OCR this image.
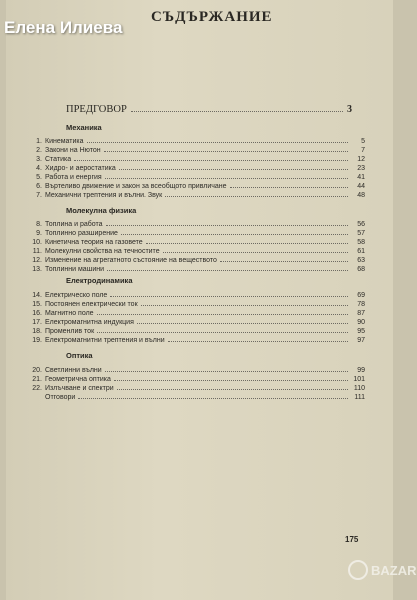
Елена Илиева
СЪДЪРЖАНИЕ
ПРЕДГОВОР	3
Механика
1. Кинематика	5
2. Закони на Нютон	7
3. Статика	12
4. Хидро- и аеростатика	23
5. Работа и енергия	41
6. Въртеливо движение и закон за всеобщото привличане	44
7. Механични трептения и вълни. Звук	48
Молекулна физика
8. Топлина и работа	56
9. Топлинно разширение	57
10. Кинетична теория на газовете	58
11. Молекулни свойства на течностите	61
12. Изменение на агрегатното състояние на веществото	63
13. Топлинни машини	68
Електродинамика
14. Електрическо поле	69
15. Постоянен електрически ток	78
16. Магнитно поле	87
17. Електромагнитна индукция	90
18. Променлив ток	95
19. Електромагнитни трептения и вълни	97
Оптика
20. Светлинни вълни	99
21. Геометрична оптика	101
22. Излъчване и спектри	110
Отговори	111
175
BAZAR
